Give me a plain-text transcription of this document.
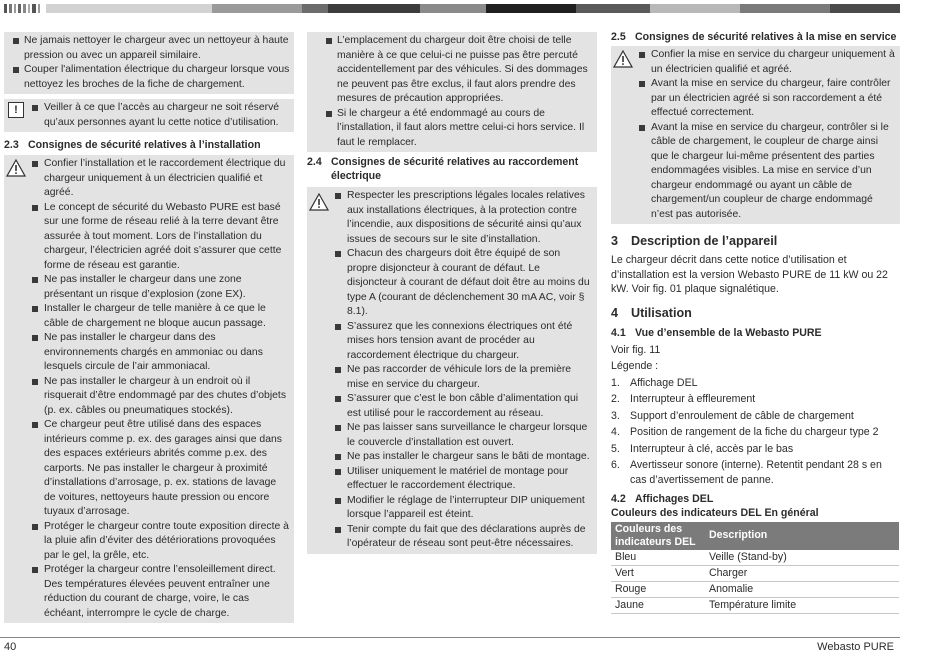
Ne jamais nettoyer le chargeur avec un nettoyeur à haute pression ou avec un appareil similaire.

Couper l'alimentation électrique du chargeur lorsque vous nettoyez les broches de la fiche de chargement.

!	Veiller à ce que l’accès au chargeur ne soit réservé qu’aux personnes ayant lu cette notice d’utilisation.

2.3 Consignes de sécurité relatives à l’installation

Confier l’installation et le raccordement électrique du chargeur uniquement à un électricien qualifié et agréé.

Le concept de sécurité du Webasto PURE est basé sur une forme de réseau relié à la terre devant être assurée à tout moment. Lors de l’installation du chargeur, l’électricien agréé doit s’assurer que cette forme de réseau est garantie.

Ne pas installer le chargeur dans une zone présentant un risque d’explosion (zone EX).

Installer le chargeur de telle manière à ce que le câble de chargement ne bloque aucun passage.

Ne pas installer le chargeur dans des environnements chargés en ammoniac ou dans lesquels circule de l’air ammoniacal.

Ne pas installer le chargeur à un endroit où il risquerait d’être endommagé par des chutes d’objets (p. ex. câbles ou pneumatiques stockés).

Ce chargeur peut être utilisé dans des espaces intérieurs comme p. ex. des garages ainsi que dans des espaces extérieurs abrités comme p.ex. des carports. Ne pas installer le chargeur à proximité d’installations d’arrosage, p. ex. stations de lavage de voitures, nettoyeurs haute pression ou encore tuyaux d’arrosage.

Protéger le chargeur contre toute exposition directe à la pluie afin d’éviter des détériorations provoquées par le gel, la grêle, etc.

Protéger la chargeur contre l’ensoleillement direct. Des températures élevées peuvent entraîner une réduction du courant de charge, voire, le cas échéant, interrompre le cycle de charge.

L’emplacement du chargeur doit être choisi de telle manière à ce que celui-ci ne puisse pas être percuté accidentellement par des véhicules. Si des dommages ne peuvent pas être exclus, il faut alors prendre des mesures de précaution appropriées.

Si le chargeur a été endommagé au cours de l’installation, il faut alors mettre celui-ci hors service. Il faut le remplacer.

2.4 Consignes de sécurité relatives au raccordement électrique

Respecter les prescriptions légales locales relatives aux installations électriques, à la protection contre l’incendie, aux dispositions de sécurité ainsi qu’aux issues de secours sur le site d’installation.

Chacun des chargeurs doit être équipé de son propre disjoncteur à courant de défaut. Le disjoncteur à courant de défaut doit être au moins du type A (courant de déclenchement 30 mA AC, voir § 8.1).

S’assurez que les connexions électriques ont été mises hors tension avant de procéder au raccordement électrique du chargeur.

Ne pas raccorder de véhicule lors de la première mise en service du chargeur.

S’assurer que c’est le bon câble d’alimentation qui est utilisé pour le raccordement au réseau.

Ne pas laisser sans surveillance le chargeur lorsque le couvercle d’installation est ouvert.

Ne pas installer le chargeur sans le bâti de montage.

Utiliser uniquement le matériel de montage pour effectuer le raccordement électrique.

Modifier le réglage de l’interrupteur DIP uniquement lorsque l’appareil est éteint.

Tenir compte du fait que des déclarations auprès de l’opérateur de réseau sont peut-être nécessaires.

2.5 Consignes de sécurité relatives à la mise en service

Confier la mise en service du chargeur uniquement à un électricien qualifié et agréé.

Avant la mise en service du chargeur, faire contrôler par un électricien agréé si son raccordement a été effectué correctement.

Avant la mise en service du chargeur, contrôler si le câble de chargement, le coupleur de charge ainsi que le chargeur lui-même présentent des parties endommagées visibles. La mise en service d’un chargeur endommagé ou ayant un câble de chargement/un coupleur de charge endommagé n’est pas autorisée.

3 Description de l’appareil

Le chargeur décrit dans cette notice d’utilisation et d’installation est la version Webasto PURE de 11 kW ou 22 kW. Voir fig. 01 plaque signalétique.

4 Utilisation
4.1 Vue d’ensemble de la Webasto PURE

Voir fig. 11

Légende :

1. Affichage DEL
2. Interrupteur à effleurement
3. Support d’enroulement de câble de chargement
4. Position de rangement de la fiche du chargeur type 2
5. Interrupteur à clé, accès par le bas
6. Avertisseur sonore (interne). Retentit pendant 28 s en cas d’avertissement de panne.
4.2 Affichages DEL

Couleurs des indicateurs DEL En général

Couleurs des indicateurs DEL	Description
Bleu	Veille (Stand-by)
Vert	Charger
Rouge	Anomalie
Jaune	Température limite
40	Webasto PURE
